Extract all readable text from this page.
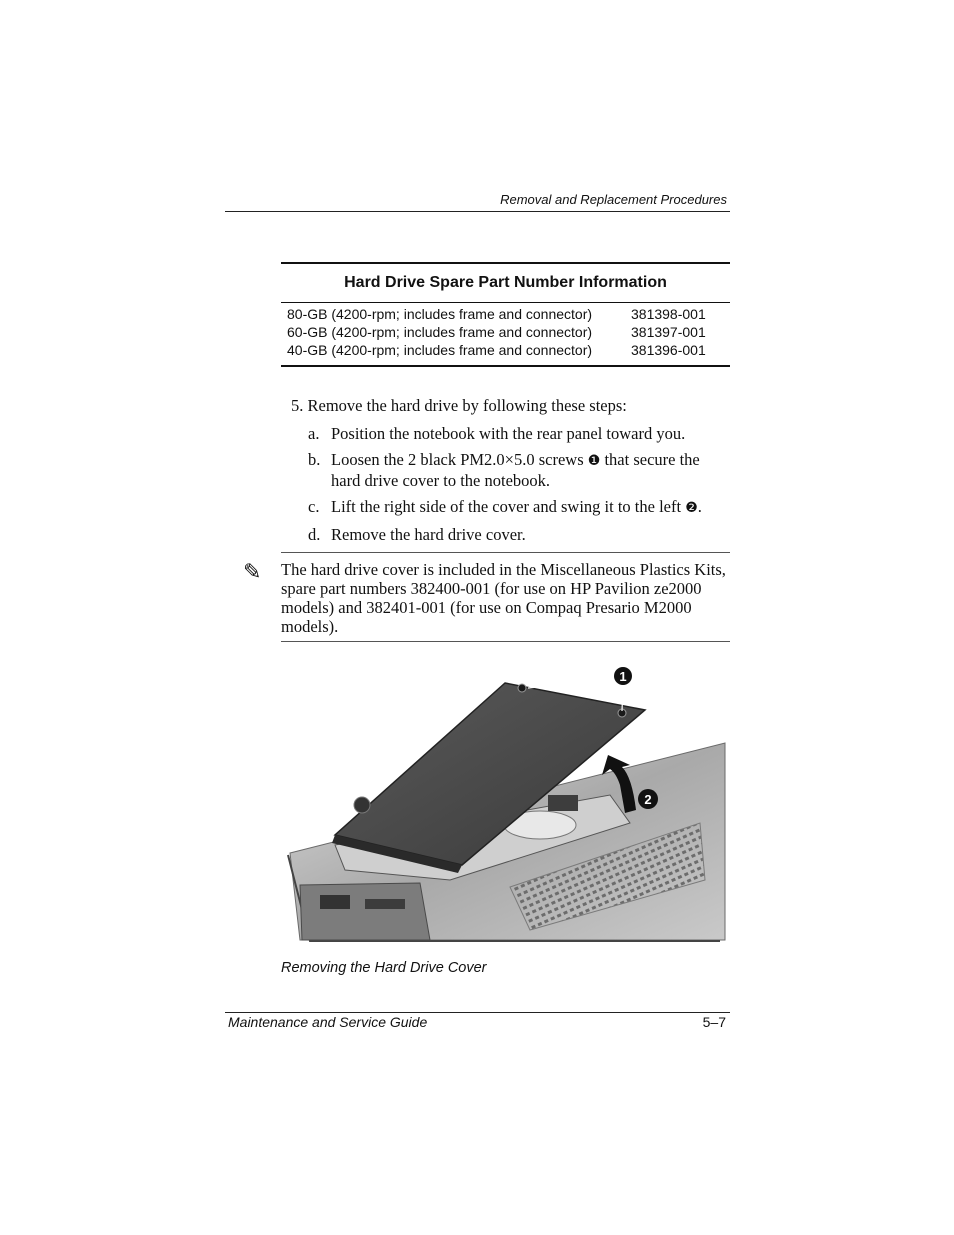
Removal and Replacement Procedures
Hard Drive Spare Part Number Information
80-GB (4200-rpm; includes frame and connector)	381398-001
60-GB (4200-rpm; includes frame and connector)	381397-001
40-GB (4200-rpm; includes frame and connector)	381396-001
5. Remove the hard drive by following these steps:
a. Position the notebook with the rear panel toward you.
b. Loosen the 2 black PM2.0×5.0 screws ❶ that secure the hard drive cover to the notebook.
c. Lift the right side of the cover and swing it to the left ❷.
d. Remove the hard drive cover.
✎ The hard drive cover is included in the Miscellaneous Plastics Kits, spare part numbers 382400-001 (for use on HP Pavilion ze2000 models) and 382401-001 (for use on Compaq Presario M2000 models).
1
2
Removing the Hard Drive Cover
Maintenance and Service Guide	5–7
